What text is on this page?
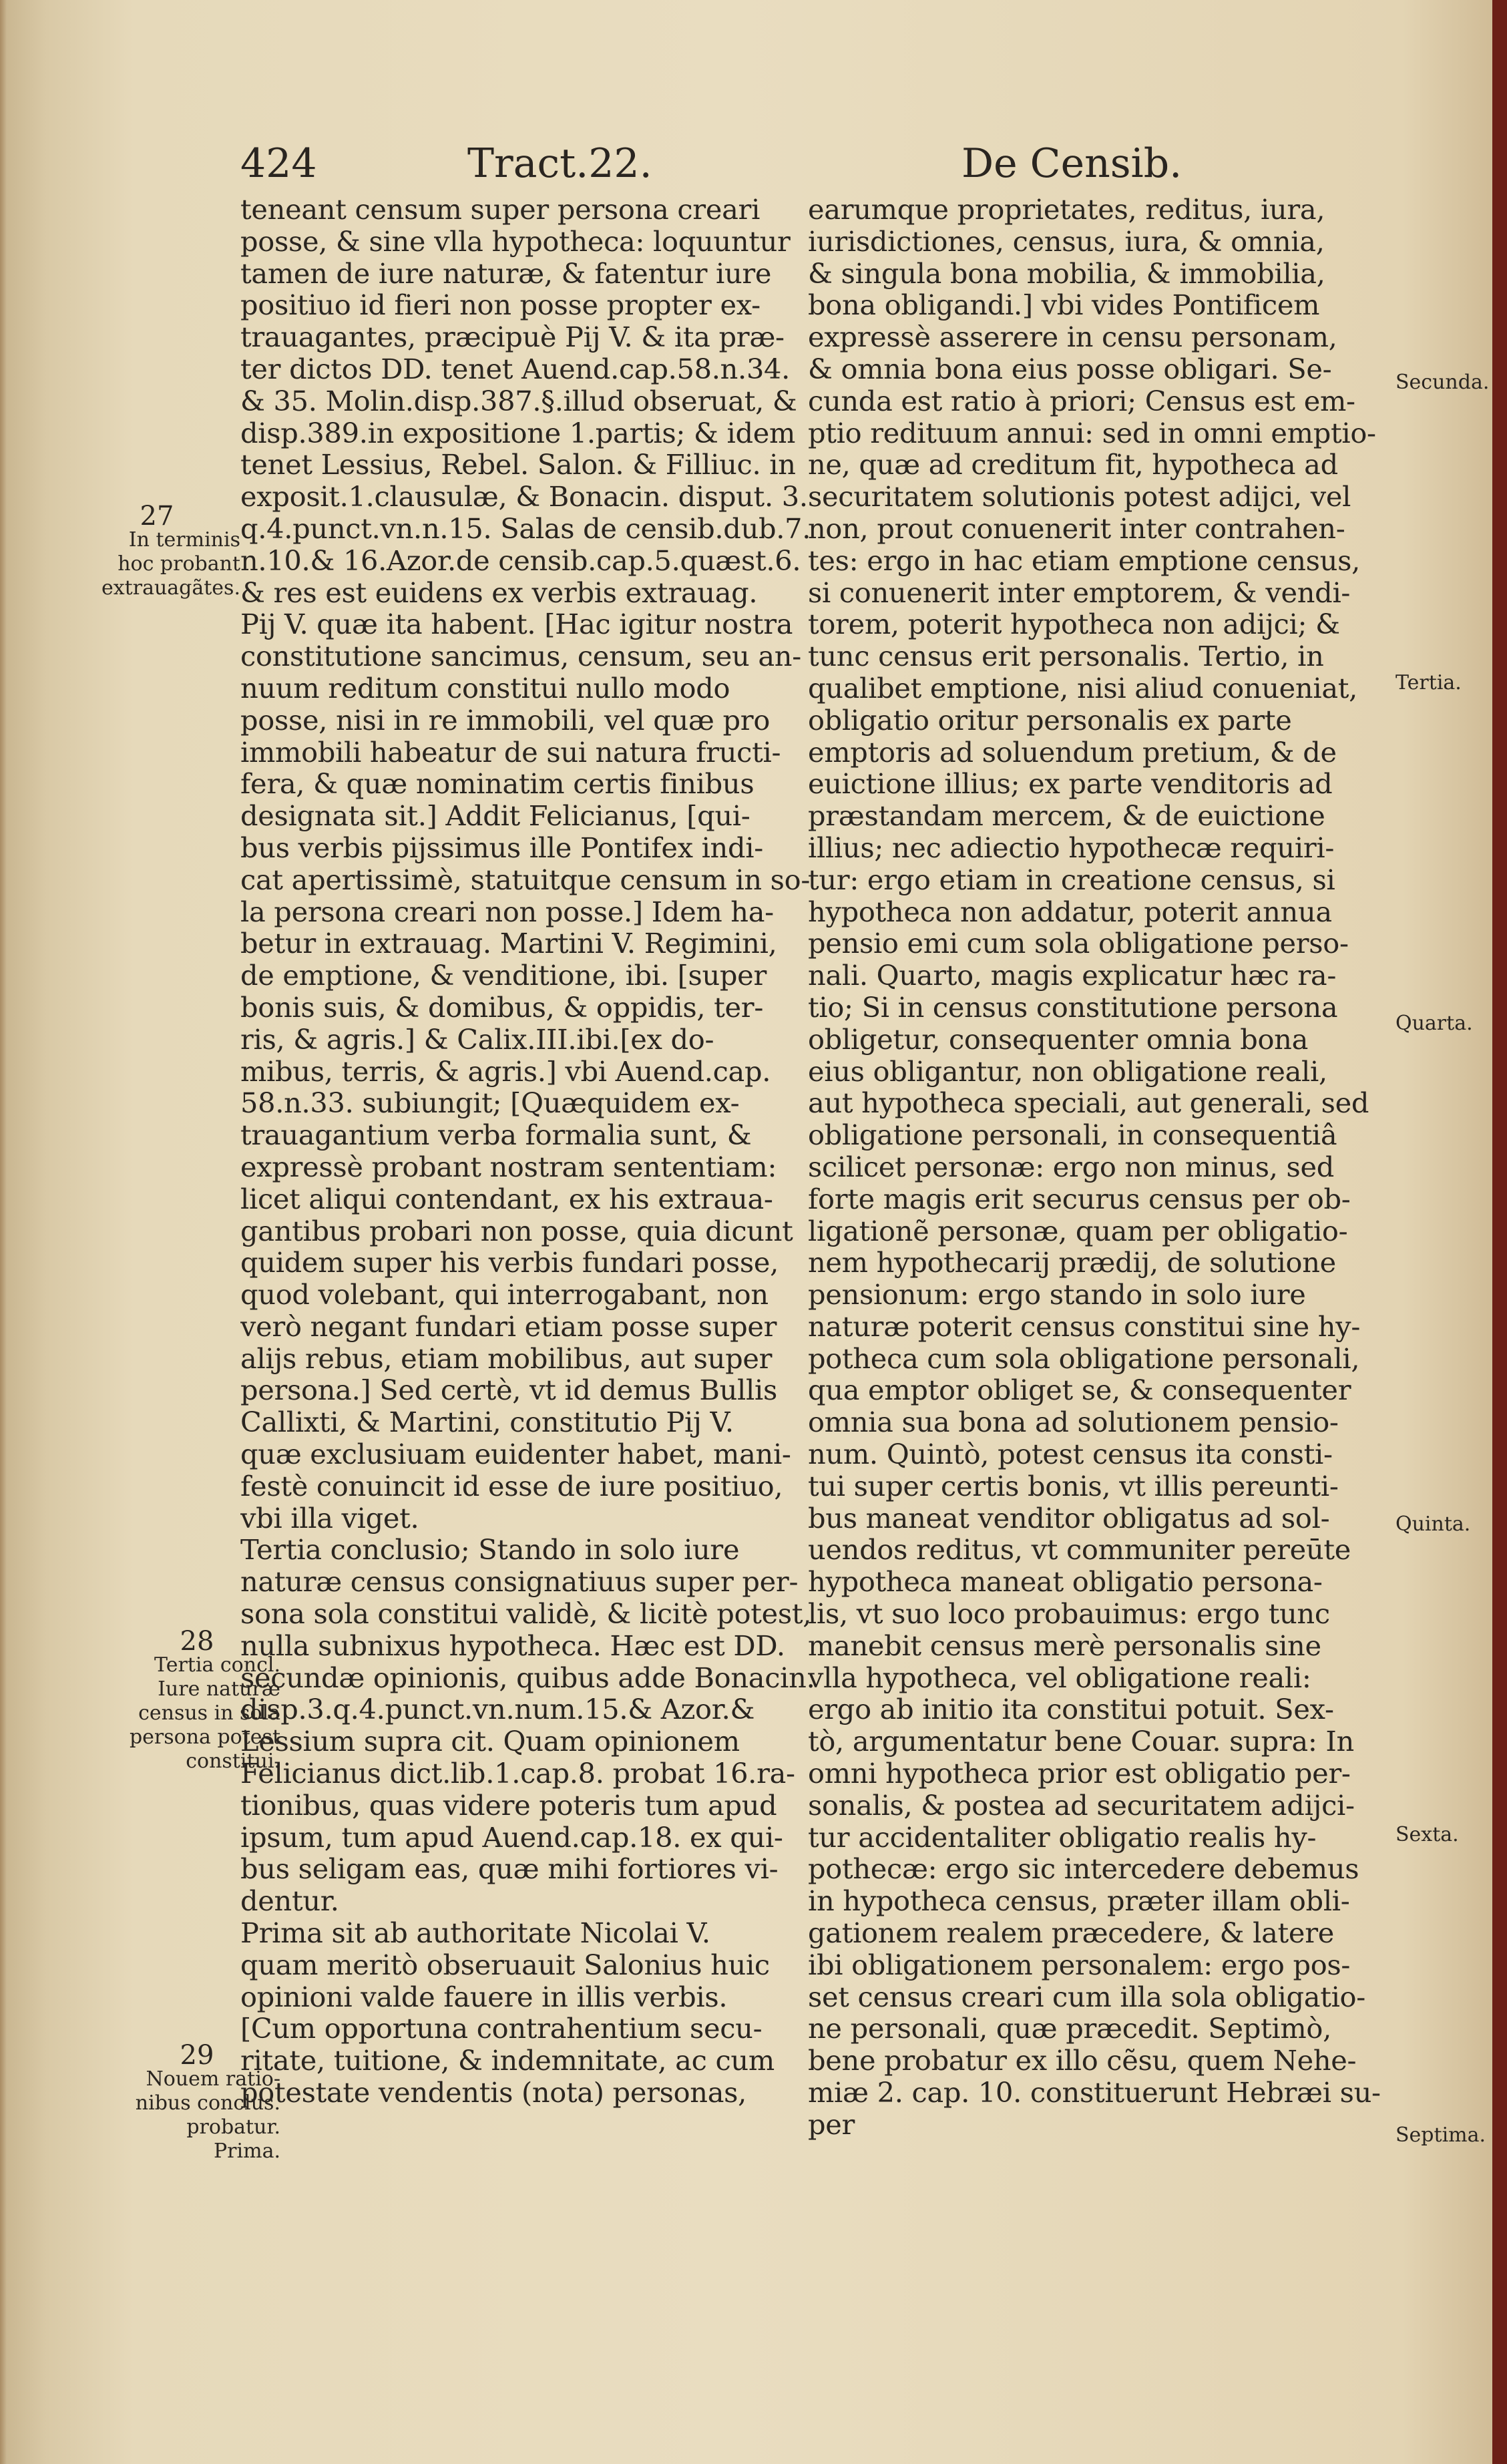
424	Tract.22.	De Censib.
teneant censum super persona creari
posse, & sine vlla hypotheca: loquuntur
tamen de iure naturæ, & fatentur iure
positiuo id fieri non posse propter ex-
trauagantes, præcipuè Pij V. & ita præ-
ter dictos DD. tenet Auend.cap.58.n.34.
& 35. Molin.disp.387.§.illud obseruat, &
disp.389.in expositione 1.partis; & idem
tenet Lessius, Rebel. Salon. & Filliuc. in
exposit.1.clausulæ, & Bonacin. disput. 3.
q.4.punct.vn.n.15. Salas de censib.dub.7.
n.10.& 16.Azor.de censib.cap.5.quæst.6.
& res est euidens ex verbis extrauag.
Pij V. quæ ita habent. [Hac igitur nostra
constitutione sancimus, censum, seu an-
nuum reditum constitui nullo modo
posse, nisi in re immobili, vel quæ pro
immobili habeatur de sui natura fructi-
fera, & quæ nominatim certis finibus
designata sit.] Addit Felicianus, [qui-
bus verbis pijssimus ille Pontifex indi-
cat apertissimè, statuitque censum in so-
la persona creari non posse.] Idem ha-
betur in extrauag. Martini V. Regimini,
de emptione, & venditione, ibi. [super
bonis suis, & domibus, & oppidis, ter-
ris, & agris.] & Calix.III.ibi.[ex do-
mibus, terris, & agris.] vbi Auend.cap.
58.n.33. subiungit; [Quæquidem ex-
trauagantium verba formalia sunt, &
expressè probant nostram sententiam:
licet aliqui contendant, ex his extraua-
gantibus probari non posse, quia dicunt
quidem super his verbis fundari posse,
quod volebant, qui interrogabant, non
verò negant fundari etiam posse super
alijs rebus, etiam mobilibus, aut super
persona.] Sed certè, vt id demus Bullis
Callixti, & Martini, constitutio Pij V.
quæ exclusiuam euidenter habet, mani-
festè conuincit id esse de iure positiuo,
vbi illa viget.
Tertia conclusio; Stando in solo iure
naturæ census consignatiuus super per-
sona sola constitui validè, & licitè potest,
nulla subnixus hypotheca. Hæc est DD.
secundæ opinionis, quibus adde Bonacin.
disp.3.q.4.punct.vn.num.15.& Azor.&
Lessium supra cit. Quam opinionem
Felicianus dict.lib.1.cap.8. probat 16.ra-
tionibus, quas videre poteris tum apud
ipsum, tum apud Auend.cap.18. ex qui-
bus seligam eas, quæ mihi fortiores vi-
dentur.
Prima sit ab authoritate Nicolai V.
quam meritò obseruauit Salonius huic
opinioni valde fauere in illis verbis.
[Cum opportuna contrahentium secu-
ritate, tuitione, & indemnitate, ac cum
potestate vendentis (nota) personas,
earumque proprietates, reditus, iura,
iurisdictiones, census, iura, & omnia,
& singula bona mobilia, & immobilia,
bona obligandi.] vbi vides Pontificem
expressè asserere in censu personam,
& omnia bona eius posse obligari. Se-
cunda est ratio à priori; Census est em-
ptio redituum annui: sed in omni emptio-
ne, quæ ad creditum fit, hypotheca ad
securitatem solutionis potest adijci, vel
non, prout conuenerit inter contrahen-
tes: ergo in hac etiam emptione census,
si conuenerit inter emptorem, & vendi-
torem, poterit hypotheca non adijci; &
tunc census erit personalis. Tertio, in
qualibet emptione, nisi aliud conueniat,
obligatio oritur personalis ex parte
emptoris ad soluendum pretium, & de
euictione illius; ex parte venditoris ad
præstandam mercem, & de euictione
illius; nec adiectio hypothecæ requiri-
tur: ergo etiam in creatione census, si
hypotheca non addatur, poterit annua
pensio emi cum sola obligatione perso-
nali. Quarto, magis explicatur hæc ra-
tio; Si in census constitutione persona
obligetur, consequenter omnia bona
eius obligantur, non obligatione reali,
aut hypotheca speciali, aut generali, sed
obligatione personali, in consequentiâ
scilicet personæ: ergo non minus, sed
forte magis erit securus census per ob-
ligationẽ personæ, quam per obligatio-
nem hypothecarij prædij, de solutione
pensionum: ergo stando in solo iure
naturæ poterit census constitui sine hy-
potheca cum sola obligatione personali,
qua emptor obliget se, & consequenter
omnia sua bona ad solutionem pensio-
num. Quintò, potest census ita consti-
tui super certis bonis, vt illis pereunti-
bus maneat venditor obligatus ad sol-
uendos reditus, vt communiter pereūte
hypotheca maneat obligatio persona-
lis, vt suo loco probauimus: ergo tunc
manebit census merè personalis sine
vlla hypotheca, vel obligatione reali:
ergo ab initio ita constitui potuit. Sex-
tò, argumentatur bene Couar. supra: In
omni hypotheca prior est obligatio per-
sonalis, & postea ad securitatem adijci-
tur accidentaliter obligatio realis hy-
pothecæ: ergo sic intercedere debemus
in hypotheca census, præter illam obli-
gationem realem præcedere, & latere
ibi obligationem personalem: ergo pos-
set census creari cum illa sola obligatio-
ne personali, quæ præcedit. Septimò,
bene probatur ex illo cẽsu, quem Nehe-
miæ 2. cap. 10. constituerunt Hebræi su-
per
27
In terminis
hoc probant
extrauagãtes.
28
Tertia concl.
Iure naturæ
census in sola
persona potest
constitui.
29
Nouem ratio-
nibus conclus.
probatur.
Prima.
Secunda.
Tertia.
Quarta.
Quinta.
Sexta.
Septima.
